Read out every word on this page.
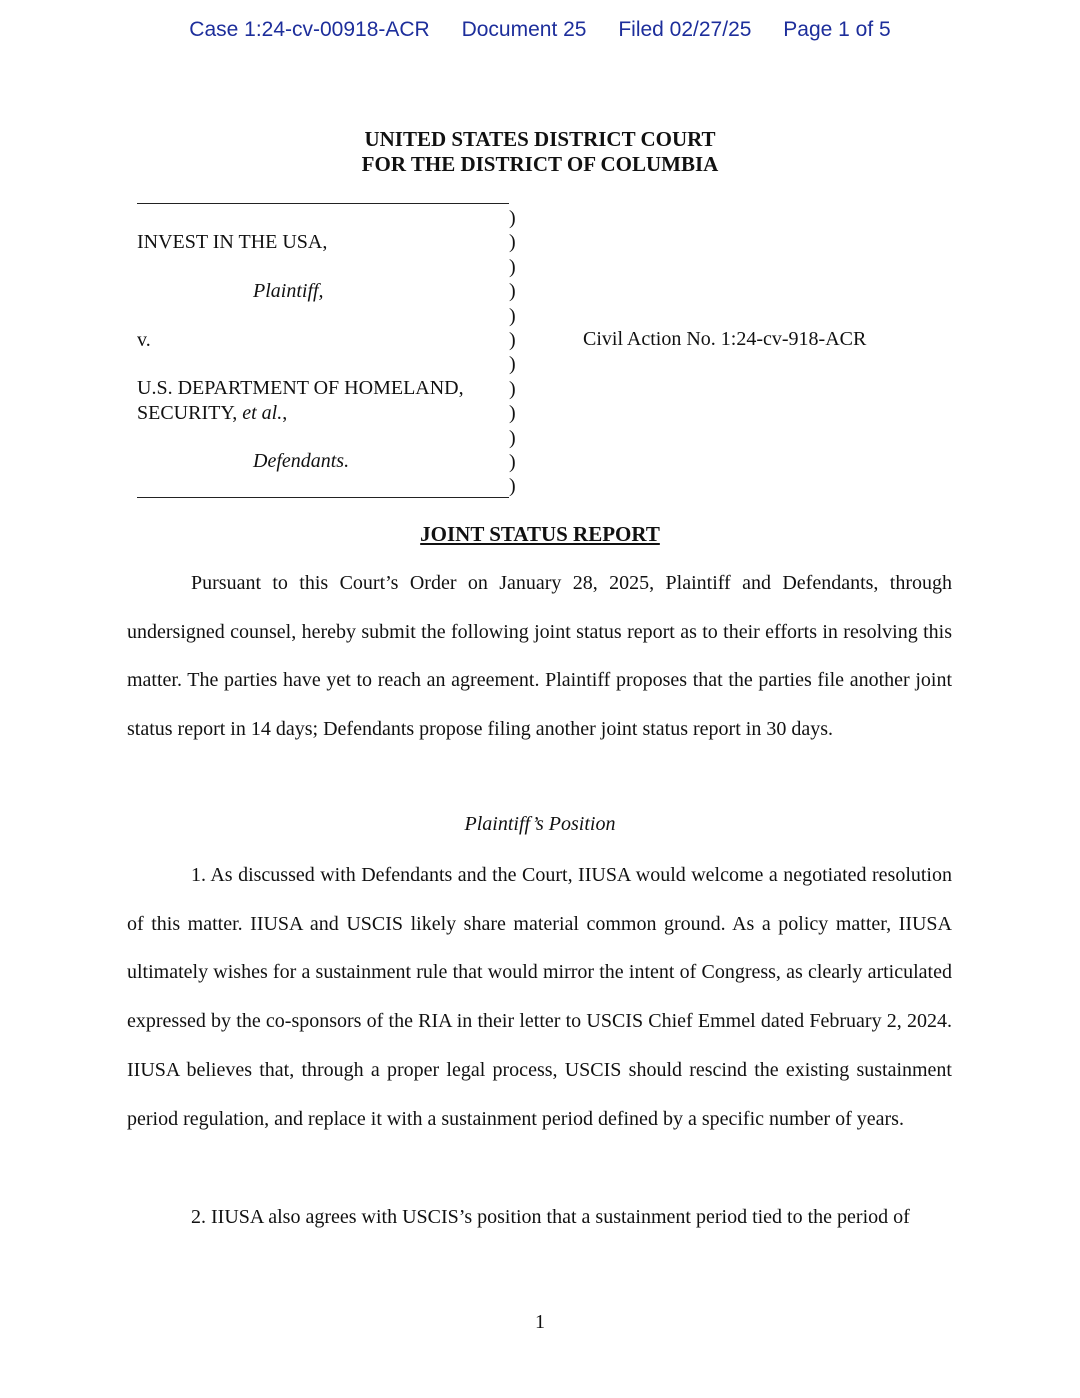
Case 1:24-cv-00918-ACR Document 25 Filed 02/27/25 Page 1 of 5
UNITED STATES DISTRICT COURT
FOR THE DISTRICT OF COLUMBIA
INVEST IN THE USA,
Plaintiff,
v.
U.S. DEPARTMENT OF HOMELAND,
SECURITY, et al.,
Defendants.
)
)
)
)
)
)
)
)
)
)
)
)
Civil Action No. 1:24-cv-918-ACR
JOINT STATUS REPORT

Pursuant to this Court’s Order on January 28, 2025, Plaintiff and Defendants, through undersigned counsel, hereby submit the following joint status report as to their efforts in resolving this matter. The parties have yet to reach an agreement. Plaintiff proposes that the parties file another joint status report in 14 days; Defendants propose filing another joint status report in 30 days.

Plaintiff’s Position

1. As discussed with Defendants and the Court, IIUSA would welcome a negotiated resolution of this matter. IIUSA and USCIS likely share material common ground. As a policy matter, IIUSA ultimately wishes for a sustainment rule that would mirror the intent of Congress, as clearly articulated expressed by the co-sponsors of the RIA in their letter to USCIS Chief Emmel dated February 2, 2024. IIUSA believes that, through a proper legal process, USCIS should rescind the existing sustainment period regulation, and replace it with a sustainment period defined by a specific number of years.

2. IIUSA also agrees with USCIS’s position that a sustainment period tied to the period of

1
